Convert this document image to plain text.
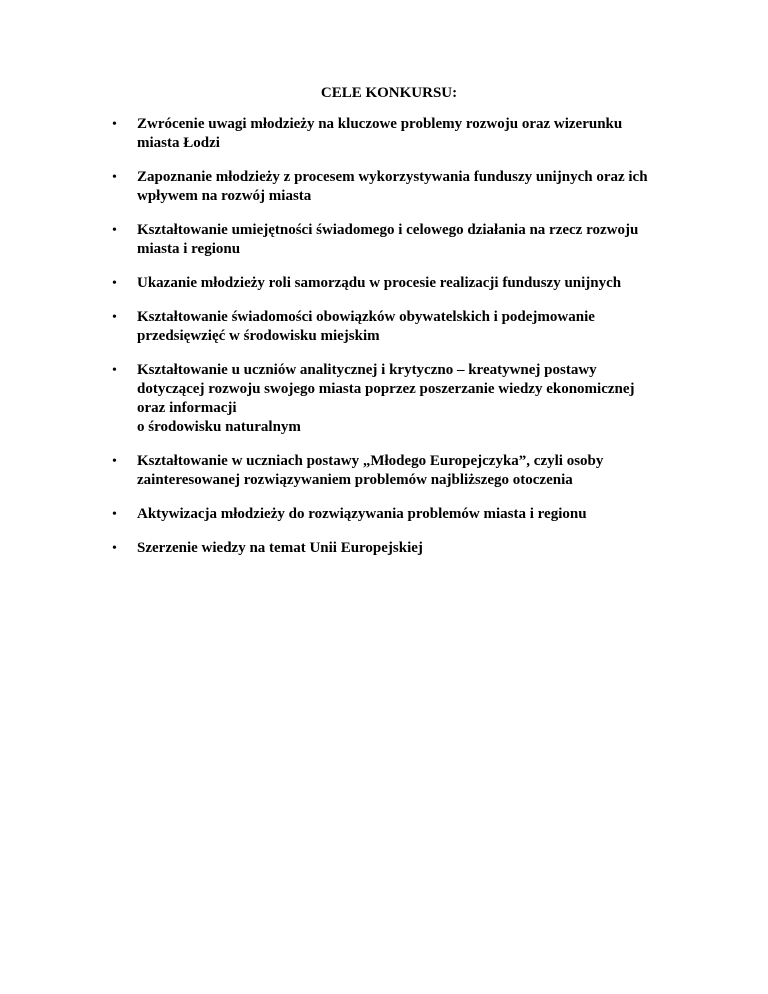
CELE KONKURSU:
• Zwrócenie uwagi młodzieży na kluczowe problemy rozwoju oraz wizerunku
miasta Łodzi
• Zapoznanie młodzieży z procesem wykorzystywania funduszy unijnych oraz ich
wpływem na rozwój miasta
• Kształtowanie umiejętności świadomego i celowego działania na rzecz rozwoju
miasta i regionu
• Ukazanie młodzieży roli samorządu w procesie realizacji funduszy unijnych
• Kształtowanie świadomości obowiązków obywatelskich i podejmowanie
przedsięwzięć w środowisku miejskim
• Kształtowanie u uczniów analitycznej i krytyczno – kreatywnej postawy
dotyczącej rozwoju swojego miasta poprzez poszerzanie wiedzy ekonomicznej
oraz informacji
o środowisku naturalnym
• Kształtowanie w uczniach postawy „Młodego Europejczyka”, czyli osoby
zainteresowanej rozwiązywaniem problemów najbliższego otoczenia
• Aktywizacja młodzieży do rozwiązywania problemów miasta i regionu
• Szerzenie wiedzy na temat Unii Europejskiej
